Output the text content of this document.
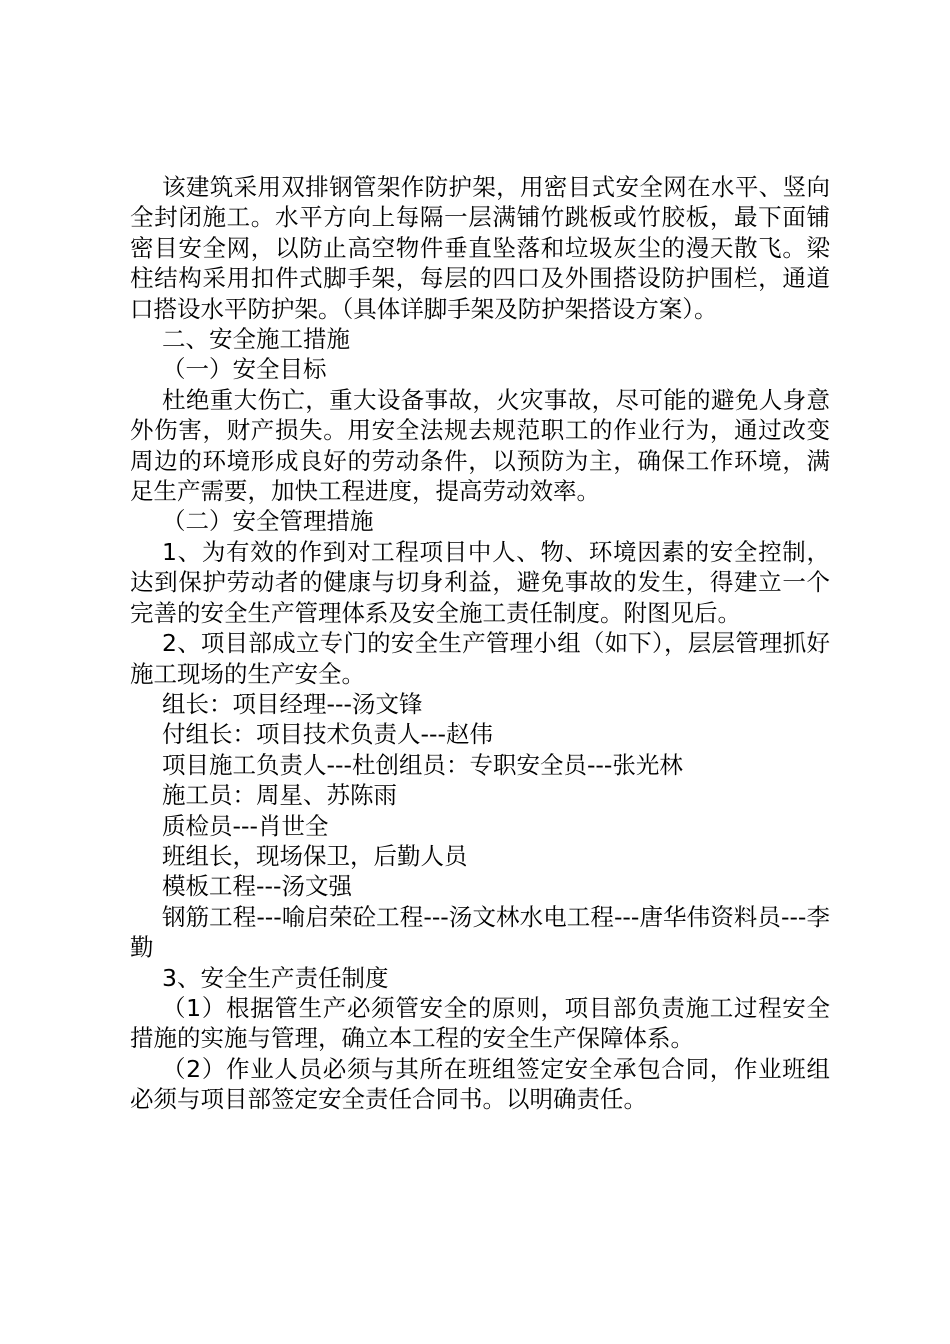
该建筑采用双排钢管架作防护架，用密目式安全网在水平、竖向全封闭施工。水平方向上每隔一层满铺竹跳板或竹胶板，最下面铺密目安全网，以防止高空物件垂直坠落和垃圾灰尘的漫天散飞。梁柱结构采用扣件式脚手架，每层的四口及外围搭设防护围栏，通道口搭设水平防护架。（具体详脚手架及防护架搭设方案）。

二、安全施工措施

（一）安全目标

杜绝重大伤亡，重大设备事故，火灾事故，尽可能的避免人身意外伤害，财产损失。用安全法规去规范职工的作业行为，通过改变周边的环境形成良好的劳动条件，以预防为主，确保工作环境，满足生产需要，加快工程进度，提高劳动效率。

（二）安全管理措施

1、为有效的作到对工程项目中人、物、环境因素的安全控制，达到保护劳动者的健康与切身利益，避免事故的发生，得建立一个完善的安全生产管理体系及安全施工责任制度。附图见后。

2、项目部成立专门的安全生产管理小组（如下），层层管理抓好施工现场的生产安全。

组长：项目经理---汤文锋

付组长：项目技术负责人---赵伟

项目施工负责人---杜创组员：专职安全员---张光林

施工员：周星、苏陈雨

质检员---肖世全

班组长，现场保卫，后勤人员

模板工程---汤文强

钢筋工程---喻启荣砼工程---汤文林水电工程---唐华伟资料员---李勤

3、安全生产责任制度

（1）根据管生产必须管安全的原则，项目部负责施工过程安全措施的实施与管理，确立本工程的安全生产保障体系。

（2）作业人员必须与其所在班组签定安全承包合同，作业班组必须与项目部签定安全责任合同书。以明确责任。
